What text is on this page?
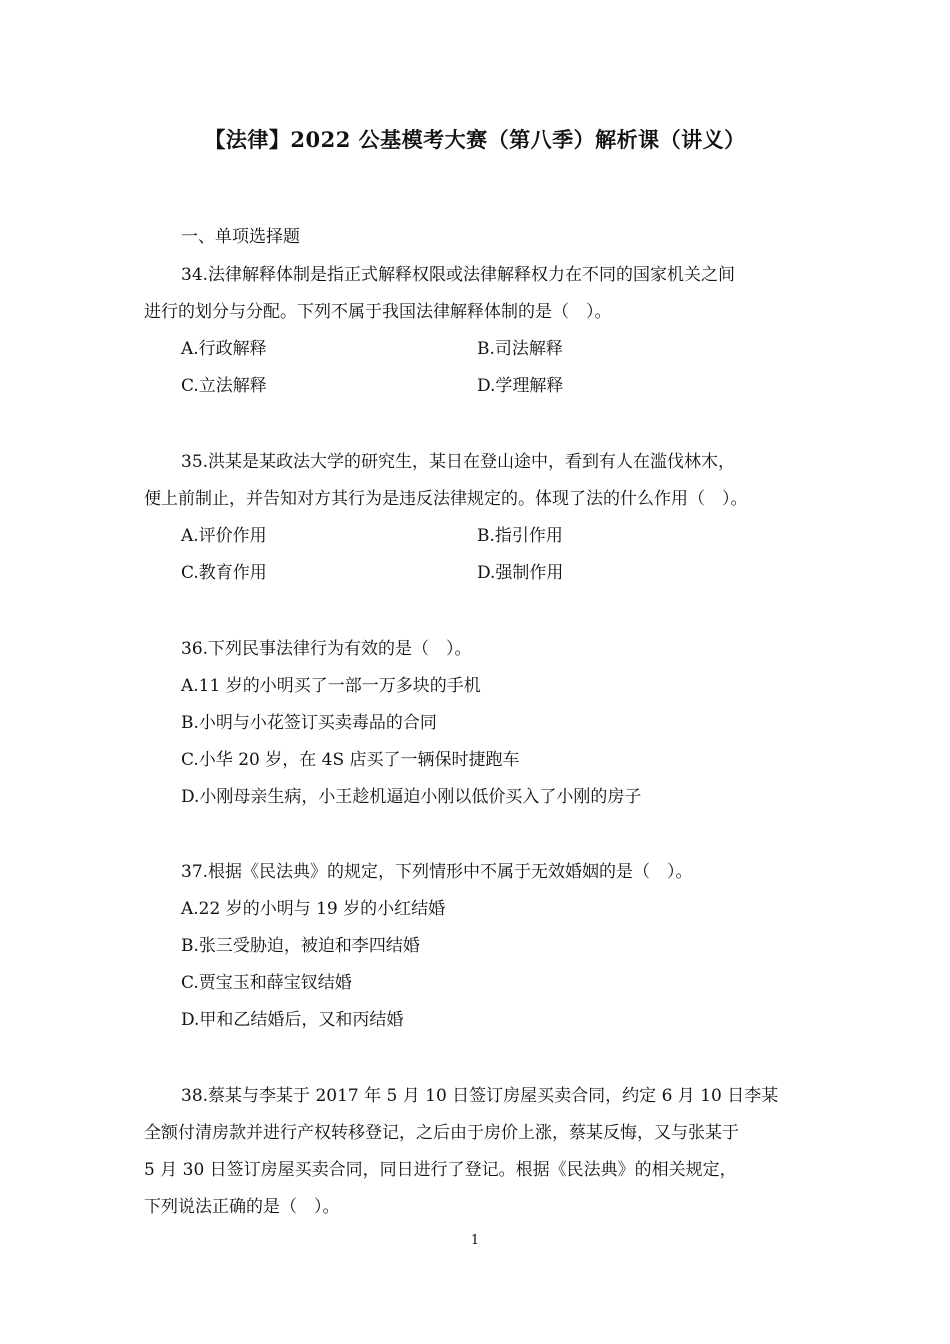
【法律】2022 公基模考大赛（第八季）解析课（讲义）
一、单项选择题
34.法律解释体制是指正式解释权限或法律解释权力在不同的国家机关之间
进行的划分与分配。下列不属于我国法律解释体制的是（　）。
A.行政解释	B.司法解释
C.立法解释	D.学理解释
35.洪某是某政法大学的研究生，某日在登山途中，看到有人在滥伐林木，
便上前制止，并告知对方其行为是违反法律规定的。体现了法的什么作用（　）。
A.评价作用	B.指引作用
C.教育作用	D.强制作用
36.下列民事法律行为有效的是（　）。
A.11 岁的小明买了一部一万多块的手机
B.小明与小花签订买卖毒品的合同
C.小华 20 岁，在 4S 店买了一辆保时捷跑车
D.小刚母亲生病，小王趁机逼迫小刚以低价买入了小刚的房子
37.根据《民法典》的规定，下列情形中不属于无效婚姻的是（　）。
A.22 岁的小明与 19 岁的小红结婚
B.张三受胁迫，被迫和李四结婚
C.贾宝玉和薛宝钗结婚
D.甲和乙结婚后，又和丙结婚
38.蔡某与李某于 2017 年 5 月 10 日签订房屋买卖合同，约定 6 月 10 日李某
全额付清房款并进行产权转移登记，之后由于房价上涨，蔡某反悔，又与张某于
5 月 30 日签订房屋买卖合同，同日进行了登记。根据《民法典》的相关规定，
下列说法正确的是（　）。
1
